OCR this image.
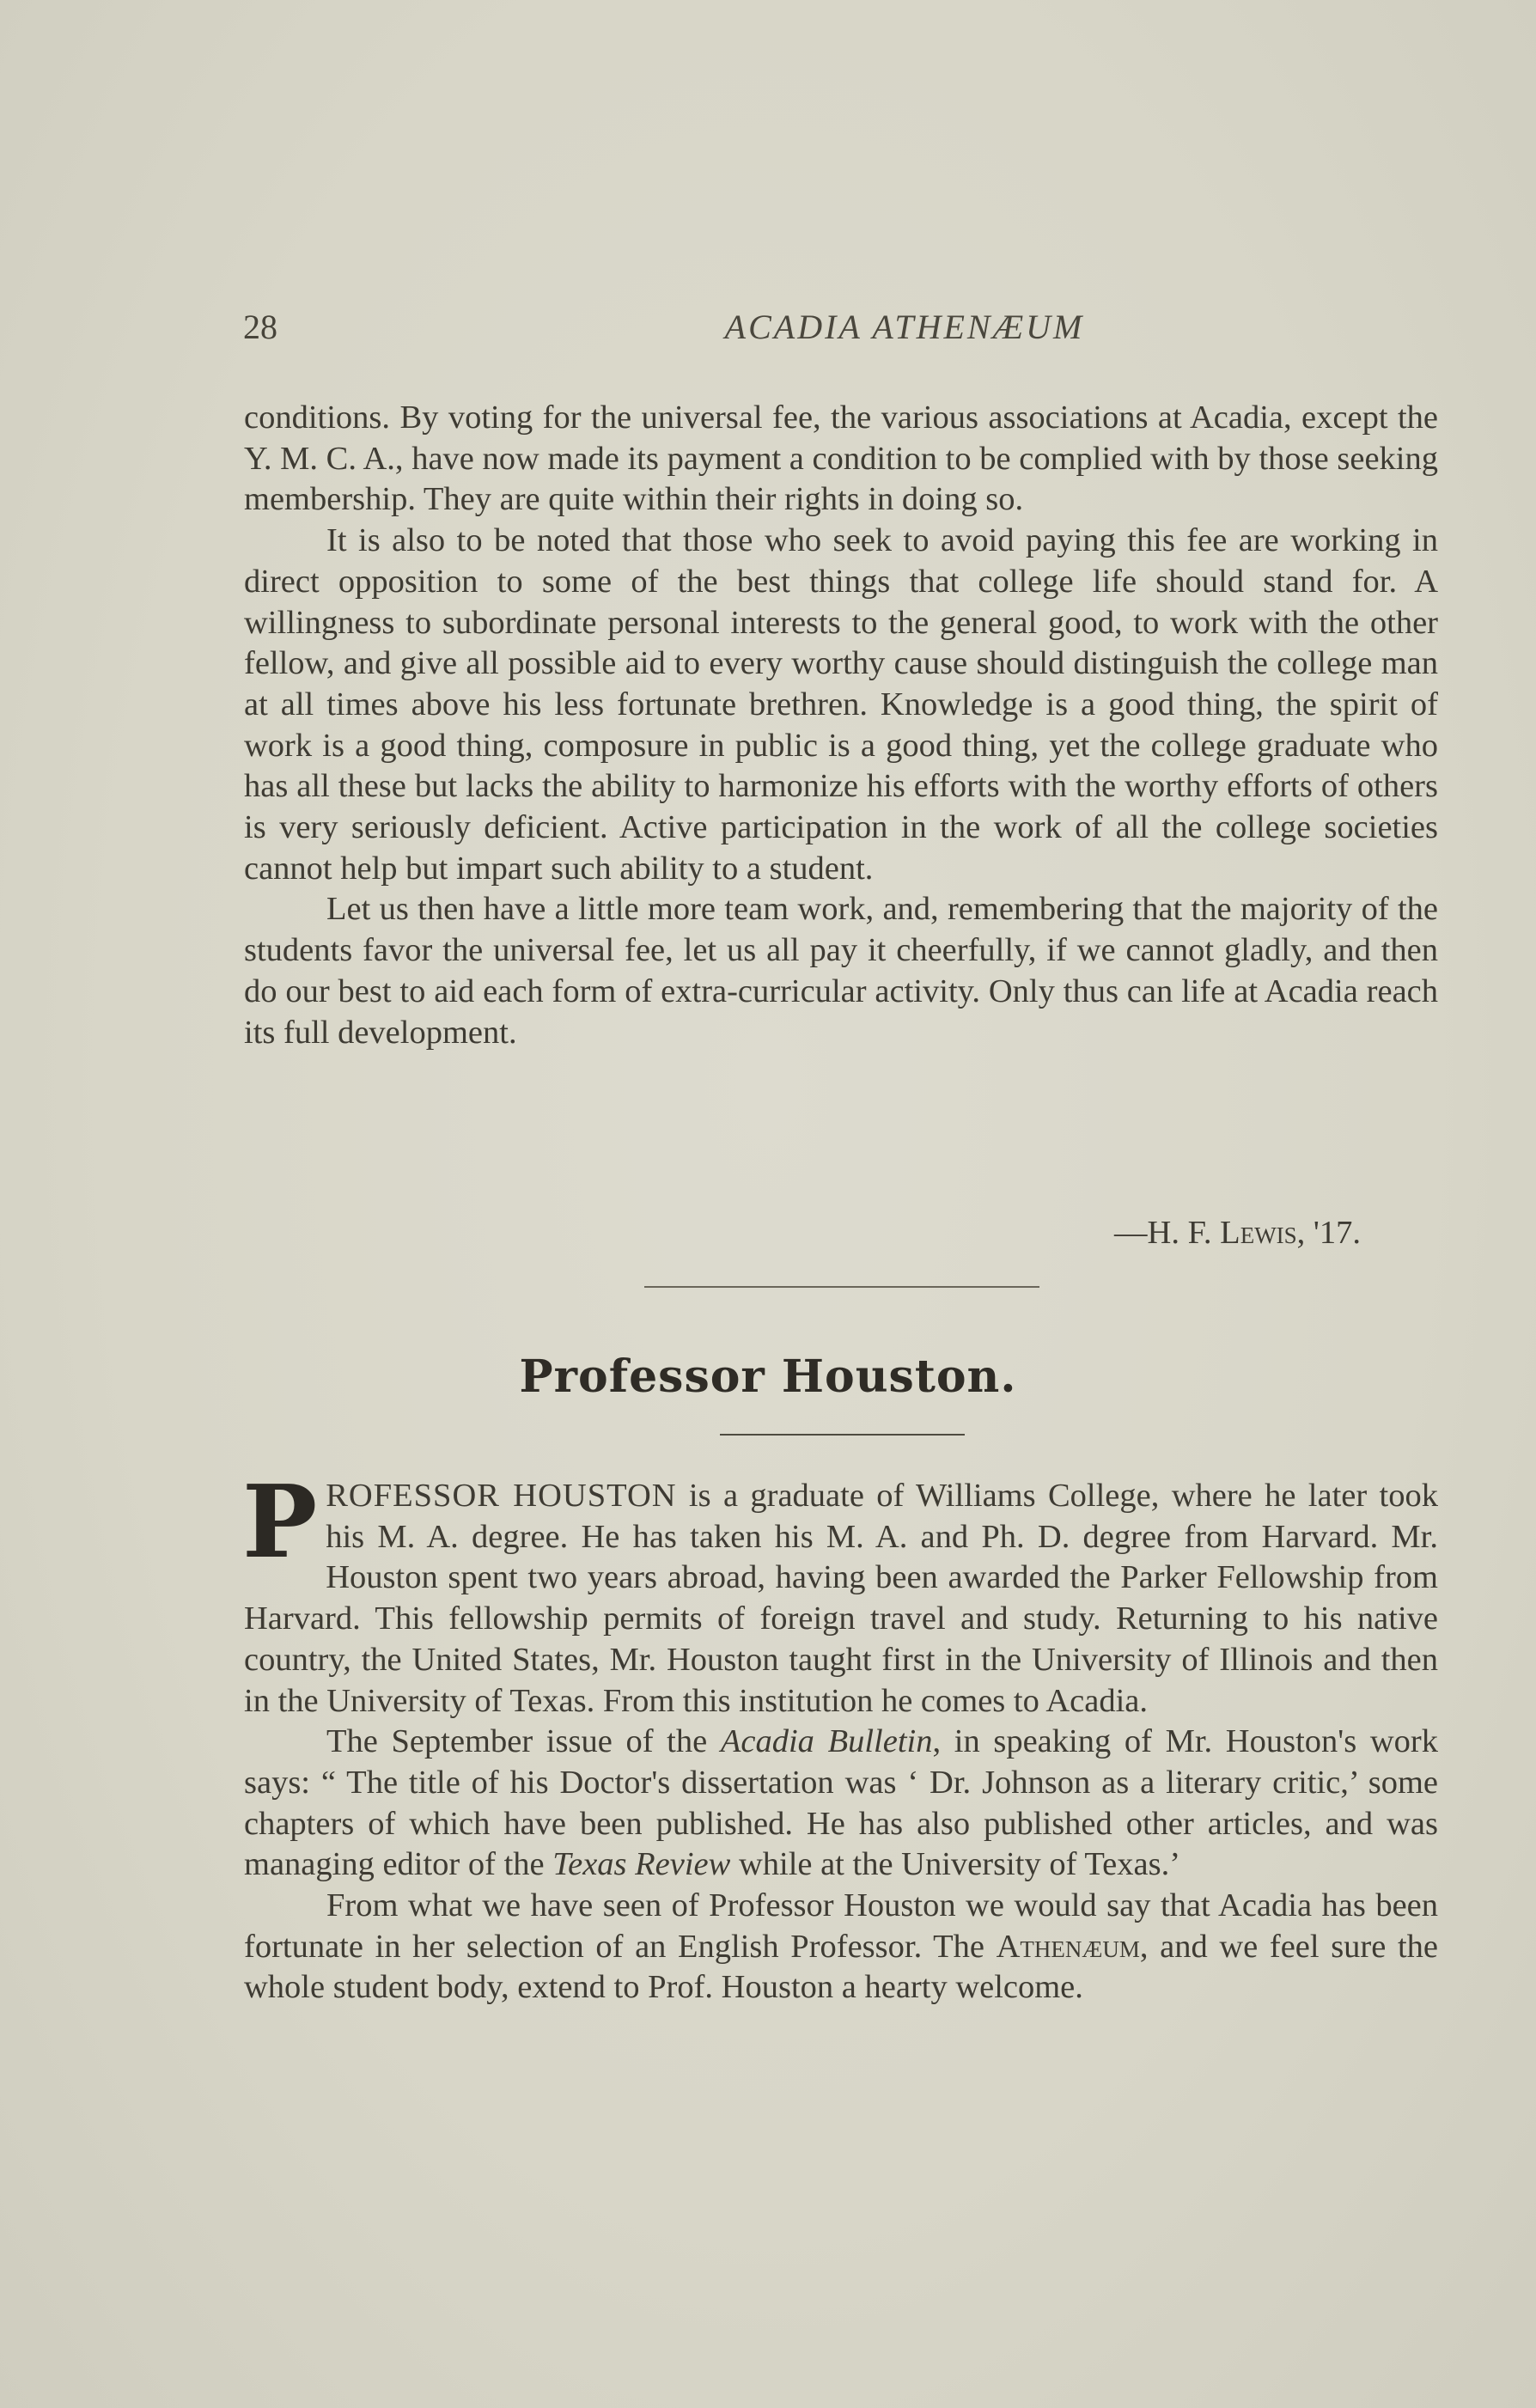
28	ACADIA ATHENÆUM

conditions. By voting for the universal fee, the various associations at Acadia, except the Y. M. C. A., have now made its payment a condition to be complied with by those seeking membership. They are quite within their rights in doing so.

It is also to be noted that those who seek to avoid paying this fee are working in direct opposition to some of the best things that college life should stand for. A willingness to subordinate personal interests to the general good, to work with the other fellow, and give all possible aid to every worthy cause should distinguish the college man at all times above his less fortunate brethren. Knowledge is a good thing, the spirit of work is a good thing, composure in public is a good thing, yet the college graduate who has all these but lacks the ability to harmonize his efforts with the worthy efforts of others is very seriously deficient. Active participation in the work of all the college societies cannot help but impart such ability to a student.

Let us then have a little more team work, and, remembering that the majority of the students favor the universal fee, let us all pay it cheerfully, if we cannot gladly, and then do our best to aid each form of extra-curricular activity. Only thus can life at Acadia reach its full development.

—H. F. Lewis, '17.
Professor Houston.

PROFESSOR HOUSTON is a graduate of Williams College, where he later took his M. A. degree. He has taken his M. A. and Ph. D. degree from Harvard. Mr. Houston spent two years abroad, having been awarded the Parker Fellowship from Harvard. This fellowship permits of foreign travel and study. Returning to his native country, the United States, Mr. Houston taught first in the University of Illinois and then in the University of Texas. From this institution he comes to Acadia.

The September issue of the Acadia Bulletin, in speaking of Mr. Houston's work says: “ The title of his Doctor's dissertation was ‘ Dr. Johnson as a literary critic,’ some chapters of which have been published. He has also published other articles, and was managing editor of the Texas Review while at the University of Texas.’

From what we have seen of Professor Houston we would say that Acadia has been fortunate in her selection of an English Professor. The Athenæum, and we feel sure the whole student body, extend to Prof. Houston a hearty welcome.
